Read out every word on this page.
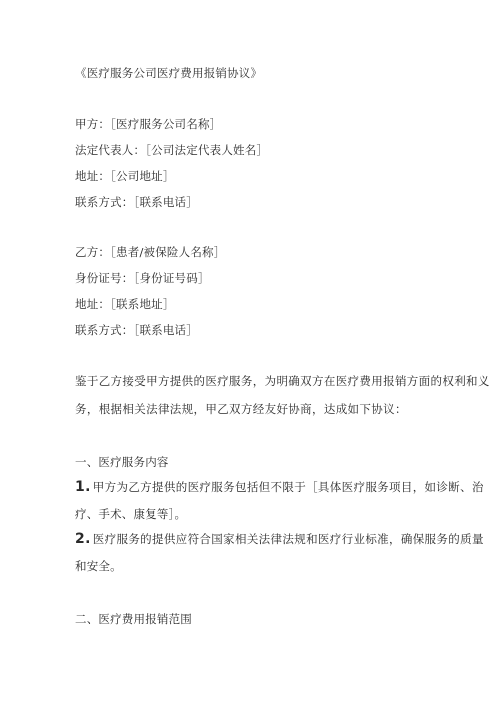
《医疗服务公司医疗费用报销协议》
甲方：［医疗服务公司名称］
法定代表人：［公司法定代表人姓名］
地址：［公司地址］
联系方式：［联系电话］
乙方：［患者/被保险人名称］
身份证号：［身份证号码］
地址：［联系地址］
联系方式：［联系电话］
鉴于乙方接受甲方提供的医疗服务，为明确双方在医疗费用报销方面的权利和义
务，根据相关法律法规，甲乙双方经友好协商，达成如下协议：
一、医疗服务内容
1. 甲方为乙方提供的医疗服务包括但不限于［具体医疗服务项目，如诊断、治
疗、手术、康复等］。
2. 医疗服务的提供应符合国家相关法律法规和医疗行业标准，确保服务的质量
和安全。
二、医疗费用报销范围
